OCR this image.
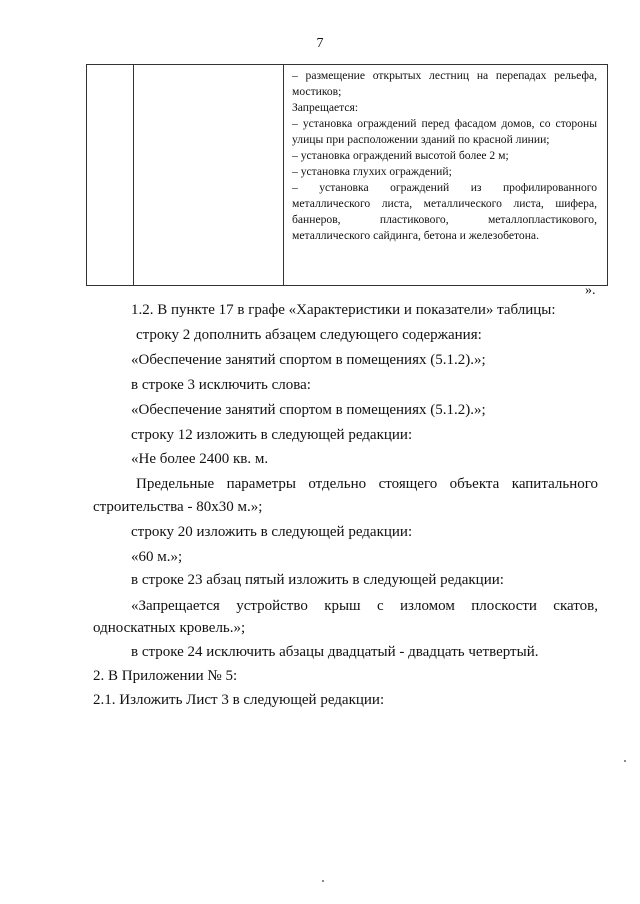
7
– размещение открытых лестниц на перепадах рельефа, мостиков;
Запрещается:
– установка ограждений перед фасадом домов, со стороны улицы при расположении зданий по красной линии;
– установка ограждений высотой более 2 м;
– установка глухих ограждений;
– установка ограждений из профилированного металлического листа, металлического листа, шифера, баннеров, пластикового, металлопластикового, металлического сайдинга, бетона и железобетона.
».
1.2. В пункте 17 в графе «Характеристики и показатели» таблицы:
строку 2 дополнить абзацем следующего содержания:
«Обеспечение занятий спортом в помещениях (5.1.2).»;
в строке 3 исключить слова:
«Обеспечение занятий спортом в помещениях (5.1.2).»;
строку 12 изложить в следующей редакции:
«Не более 2400 кв. м.
Предельные параметры отдельно стоящего объекта капитального
строительства - 80х30 м.»;
строку 20 изложить в следующей редакции:
«60 м.»;
в строке 23 абзац пятый изложить в следующей редакции:
«Запрещается устройство крыш с изломом плоскости скатов,
односкатных кровель.»;
в строке 24 исключить абзацы двадцатый - двадцать четвертый.
2. В Приложении № 5:
2.1. Изложить Лист 3 в следующей редакции:
